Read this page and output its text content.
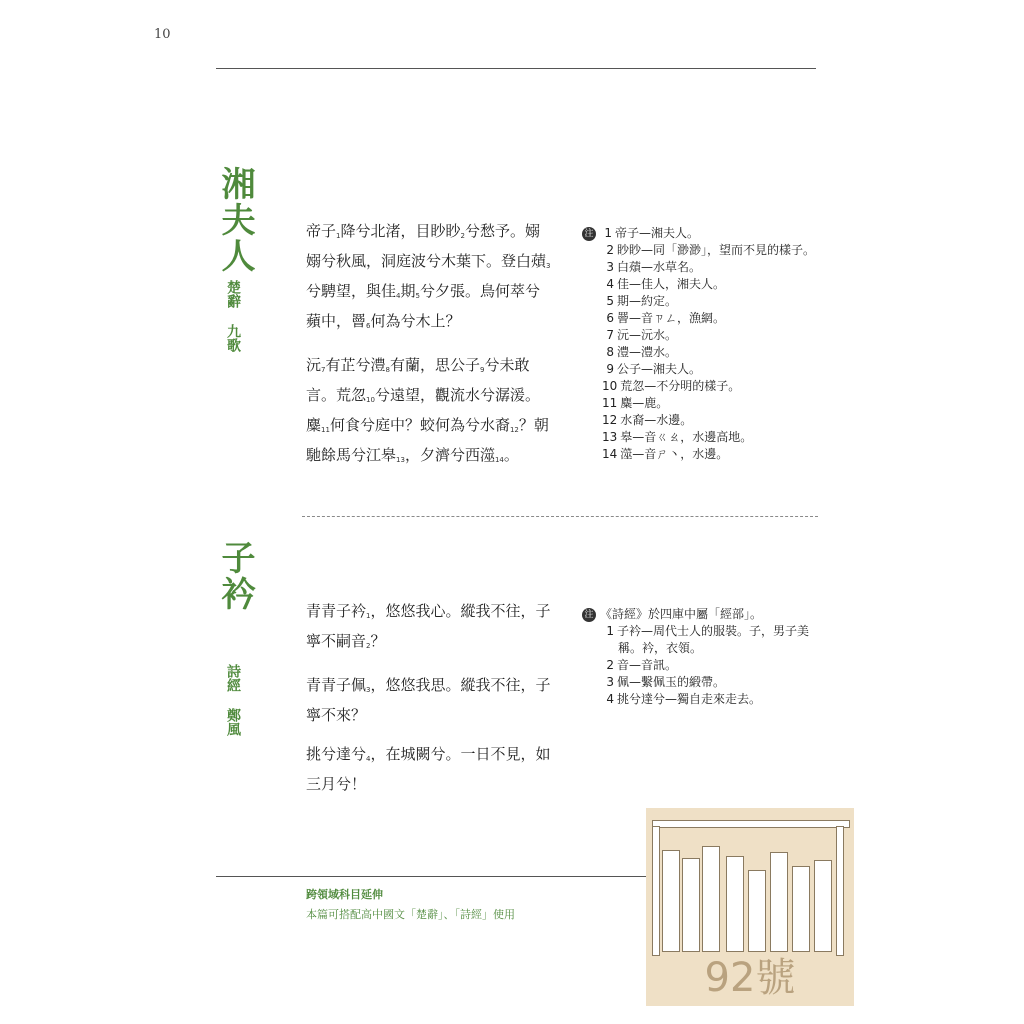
10
湘夫人
楚辭
九歌

帝子$_1$降兮北渚，目眇眇$_2$兮愁予。嫋嫋兮秋風，洞庭波兮木葉下。登白薠$_3$兮騁望，與佳$_4$期$_5$兮夕張。鳥何萃兮蘋中，罾$_6$何為兮木上？

沅$_7$有芷兮澧$_8$有蘭，思公子$_9$兮未敢言。荒忽$_{10}$兮遠望，觀流水兮潺湲。麋$_{11}$何食兮庭中？蛟何為兮水裔$_{12}$？朝馳餘馬兮江皋$_{13}$，夕濟兮西澨$_{14}$。

注 1 帝子—湘夫人。
2 眇眇—同「渺渺」，望而不見的樣子。
3 白薠—水草名。
4 佳—佳人，湘夫人。
5 期—約定。
6 罾—音ㄗㄥ，漁網。
7 沅—沅水。
8 澧—澧水。
9 公子—湘夫人。
10 荒忽—不分明的樣子。
11 麋—鹿。
12 水裔—水邊。
13 皋—音ㄍㄠ，水邊高地。
14 澨—音ㄕ丶，水邊。
子衿
詩經
鄭風

青青子衿$_1$，悠悠我心。縱我不往，子寧不嗣音$_2$？

青青子佩$_3$，悠悠我思。縱我不往，子寧不來？

挑兮達兮$_4$，在城闕兮。一日不見，如三月兮！

注 《詩經》於四庫中屬「經部」。
1 子衿—周代士人的服裝。子，男子美
稱。衿，衣領。
2 音—音訊。
3 佩—繫佩玉的緞帶。
4 挑兮達兮—獨自走來走去。
跨領域科目延伸
本篇可搭配高中國文「楚辭」、「詩經」使用
92號
